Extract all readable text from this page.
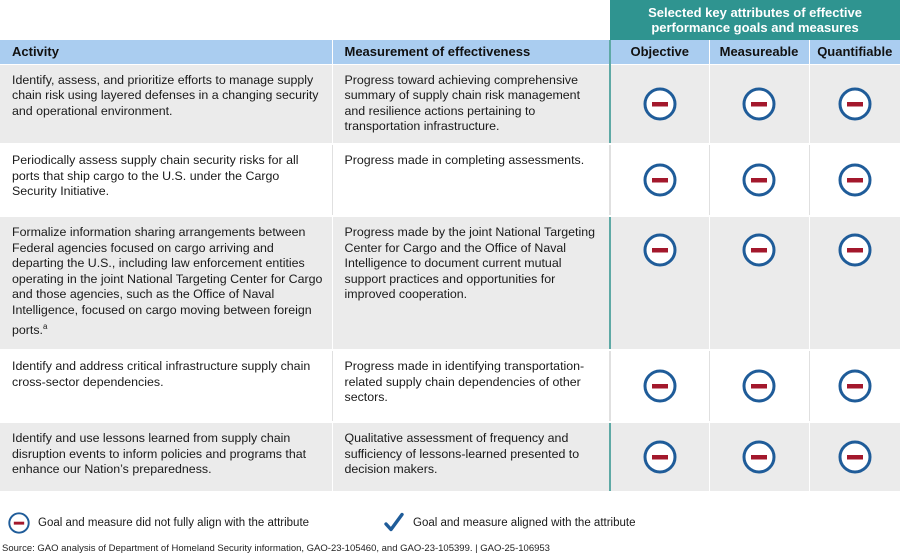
Selected key attributes of effective performance goals and measures
Activity	Measurement of effectiveness	Objective	Measureable	Quantifiable
Identify, assess, and prioritize efforts to manage supply chain risk using layered defenses in a changing security and operational environment.	Progress toward achieving comprehensive summary of supply chain risk management and resilience actions pertaining to transportation infrastructure.			
Periodically assess supply chain security risks for all ports that ship cargo to the U.S. under the Cargo Security Initiative.	Progress made in completing assessments.			
Formalize information sharing arrangements between Federal agencies focused on cargo arriving and departing the U.S., including law enforcement entities operating in the joint National Targeting Center for Cargo and those agencies, such as the Office of Naval Intelligence, focused on cargo moving between foreign ports.$^a$	Progress made by the joint National Targeting Center for Cargo and the Office of Naval Intelligence to document current mutual support practices and opportunities for improved cooperation.			
Identify and address critical infrastructure supply chain cross-sector dependencies.	Progress made in identifying transportation-related supply chain dependencies of other sectors.			
Identify and use lessons learned from supply chain disruption events to inform policies and programs that enhance our Nation’s preparedness.	Qualitative assessment of frequency and sufficiency of lessons-learned presented to decision makers.			
Goal and measure did not fully align with the attribute	Goal and measure aligned with the attribute
Source: GAO analysis of Department of Homeland Security information, GAO-23-105460, and GAO-23-105399. | GAO-25-106953
